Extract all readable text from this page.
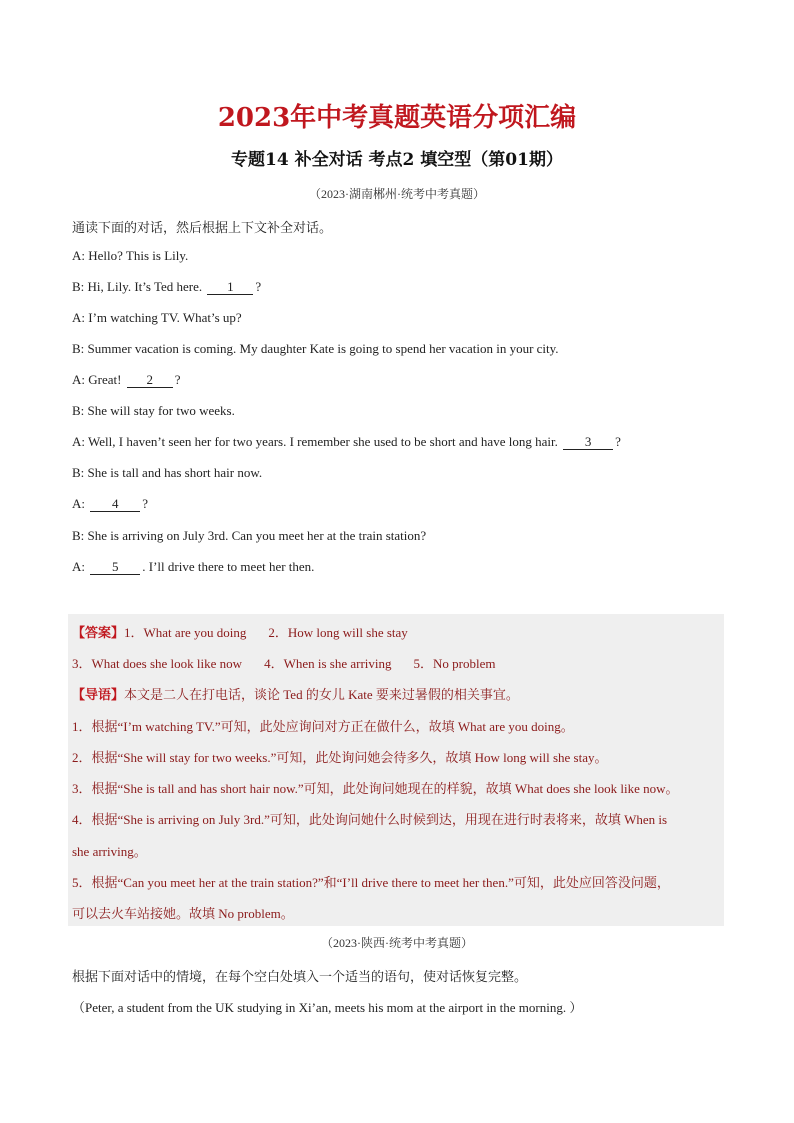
2023年中考真题英语分项汇编
专题14 补全对话 考点2 填空型（第01期）
（2023·湖南郴州·统考中考真题）
通读下面的对话，然后根据上下文补全对话。
A: Hello? This is Lily.
B: Hi, Lily. It’s Ted here. 1 ?
A: I’m watching TV. What’s up?
B: Summer vacation is coming. My daughter Kate is going to spend her vacation in your city.
A: Great! 2 ?
B: She will stay for two weeks.
A: Well, I haven’t seen her for two years. I remember she used to be short and have long hair. 3 ?
B: She is tall and has short hair now.
A: 4 ?
B: She is arriving on July 3rd. Can you meet her at the train station?
A: 5 . I’ll drive there to meet her then.
【答案】1．What are you doing 2．How long will she stay
3．What does she look like now 4．When is she arriving 5．No problem
【导语】本文是二人在打电话，谈论 Ted 的女儿 Kate 要来过暑假的相关事宜。
1．根据“I’m watching TV.”可知，此处应询问对方正在做什么，故填 What are you doing。
2．根据“She will stay for two weeks.”可知，此处询问她会待多久，故填 How long will she stay。
3．根据“She is tall and has short hair now.”可知，此处询问她现在的样貌，故填 What does she look like now。
4．根据“She is arriving on July 3rd.”可知，此处询问她什么时候到达，用现在进行时表将来，故填 When is
she arriving。
5．根据“Can you meet her at the train station?”和“I’ll drive there to meet her then.”可知，此处应回答没问题，
可以去火车站接她。故填 No problem。
（2023·陕西·统考中考真题）
根据下面对话中的情境，在每个空白处填入一个适当的语句，使对话恢复完整。
（Peter, a student from the UK studying in Xi’an, meets his mom at the airport in the morning. ）
